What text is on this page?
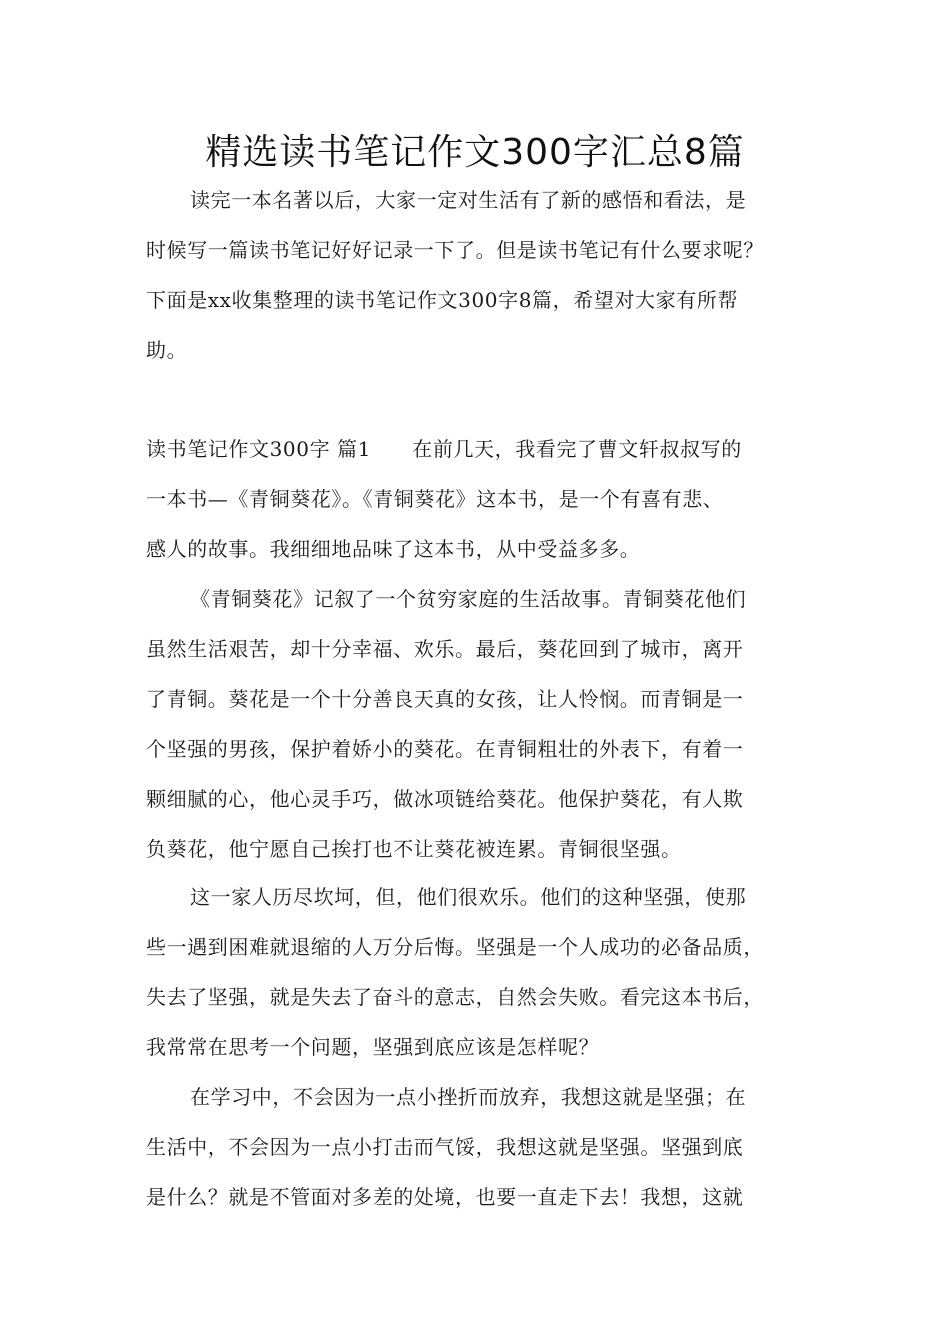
精选读书笔记作文300字汇总8篇
读完一本名著以后，大家一定对生活有了新的感悟和看法，是
时候写一篇读书笔记好好记录一下了。但是读书笔记有什么要求呢？
下面是xx收集整理的读书笔记作文300字8篇，希望对大家有所帮
助。
读书笔记作文300字 篇1　　在前几天，我看完了曹文轩叔叔写的
一本书—《青铜葵花》。《青铜葵花》这本书，是一个有喜有悲、
感人的故事。我细细地品味了这本书，从中受益多多。
《青铜葵花》记叙了一个贫穷家庭的生活故事。青铜葵花他们
虽然生活艰苦，却十分幸福、欢乐。最后，葵花回到了城市，离开
了青铜。葵花是一个十分善良天真的女孩，让人怜悯。而青铜是一
个坚强的男孩，保护着娇小的葵花。在青铜粗壮的外表下，有着一
颗细腻的心，他心灵手巧，做冰项链给葵花。他保护葵花，有人欺
负葵花，他宁愿自己挨打也不让葵花被连累。青铜很坚强。
这一家人历尽坎坷，但，他们很欢乐。他们的这种坚强，使那
些一遇到困难就退缩的人万分后悔。坚强是一个人成功的必备品质，
失去了坚强，就是失去了奋斗的意志，自然会失败。看完这本书后，
我常常在思考一个问题，坚强到底应该是怎样呢？
在学习中，不会因为一点小挫折而放弃，我想这就是坚强；在
生活中，不会因为一点小打击而气馁，我想这就是坚强。坚强到底
是什么？就是不管面对多差的处境，也要一直走下去！我想，这就
